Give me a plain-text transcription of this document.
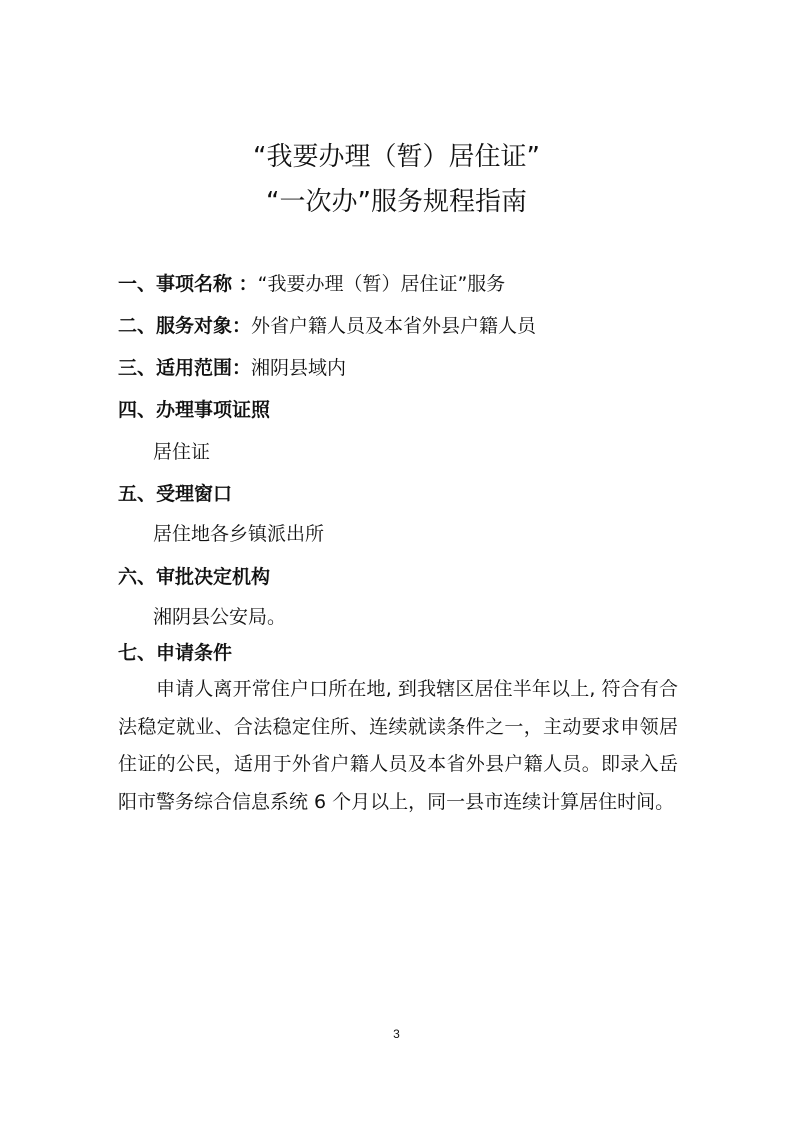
“我要办理（暂）居住证”
“一次办”服务规程指南
一、事项名称 ：“我要办理（暂）居住证”服务
二、服务对象：外省户籍人员及本省外县户籍人员
三、适用范围：湘阴县域内
四、办理事项证照
居住证
五、受理窗口
居住地各乡镇派出所
六、审批决定机构
湘阴县公安局。
七、申请条件
申请人离开常住户口所在地, 到我辖区居住半年以上, 符合有合法稳定就业、合法稳定住所、连续就读条件之一，主动要求申领居住证的公民，适用于外省户籍人员及本省外县户籍人员。即录入岳阳市警务综合信息系统 6 个月以上，同一县市连续计算居住时间。
3
